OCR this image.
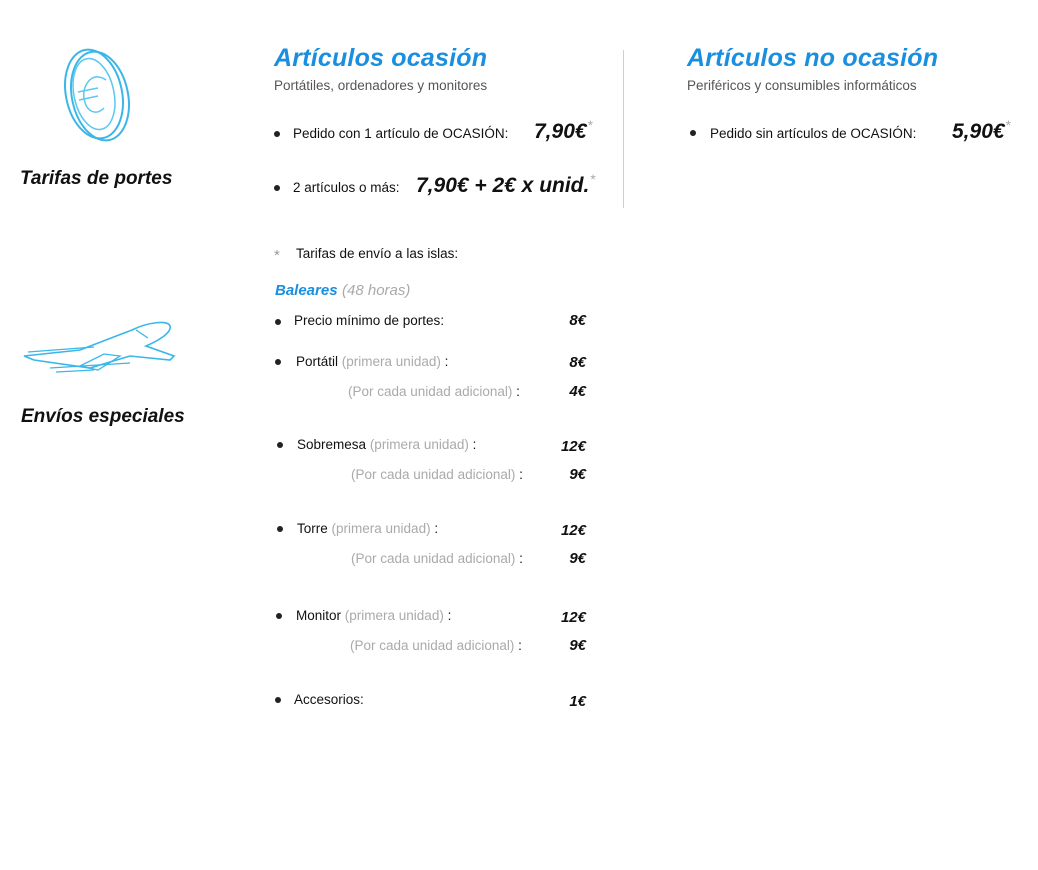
Tarifas de portes
Envíos especiales
Artículos ocasión
Portátiles, ordenadores y monitores
Pedido con 1 artículo de OCASIÓN: 7,90€*
2 artículos o más: 7,90€ + 2€ x unid.*
Artículos no ocasión
Periféricos y consumibles informáticos
Pedido sin artículos de OCASIÓN: 5,90€*
* Tarifas de envío a las islas:
Baleares (48 horas)
Precio mínimo de portes:	8€
Portátil (primera unidad) :	8€
(Por cada unidad adicional) :	4€
Sobremesa (primera unidad) :	12€
(Por cada unidad adicional) :	9€
Torre (primera unidad) :	12€
(Por cada unidad adicional) :	9€
Monitor (primera unidad) :	12€
(Por cada unidad adicional) :	9€
Accesorios:	1€
